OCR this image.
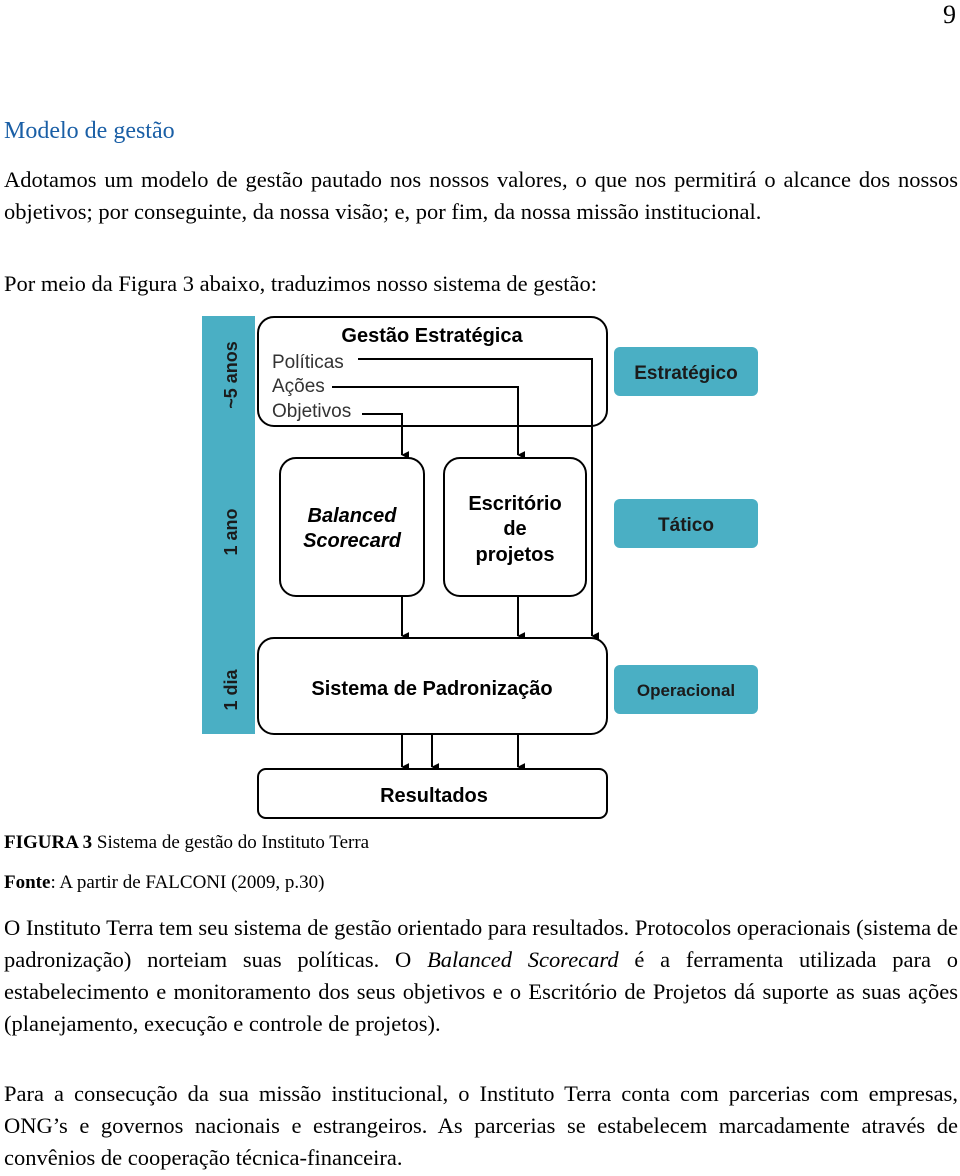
9
Modelo de gestão
Adotamos um modelo de gestão pautado nos nossos valores, o que nos permitirá o alcance dos nossos objetivos; por conseguinte, da nossa visão; e, por fim, da nossa missão institucional.
Por meio da Figura 3 abaixo, traduzimos nosso sistema de gestão:
~5 anos
1 ano
1 dia
Gestão Estratégica
Políticas
Ações
Objetivos
Balanced
Scorecard
Escritório
de
projetos
Sistema de Padronização
Resultados
Estratégico
Tático
Operacional
FIGURA 3 Sistema de gestão do Instituto Terra
Fonte: A partir de FALCONI (2009, p.30)
O Instituto Terra tem seu sistema de gestão orientado para resultados. Protocolos operacionais (sistema de padronização) norteiam suas políticas. O Balanced Scorecard é a ferramenta utilizada para o estabelecimento e monitoramento dos seus objetivos e o Escritório de Projetos dá suporte as suas ações (planejamento, execução e controle de projetos).
Para a consecução da sua missão institucional, o Instituto Terra conta com parcerias com empresas, ONG’s e governos nacionais e estrangeiros. As parcerias se estabelecem marcadamente através de convênios de cooperação técnica-financeira.
